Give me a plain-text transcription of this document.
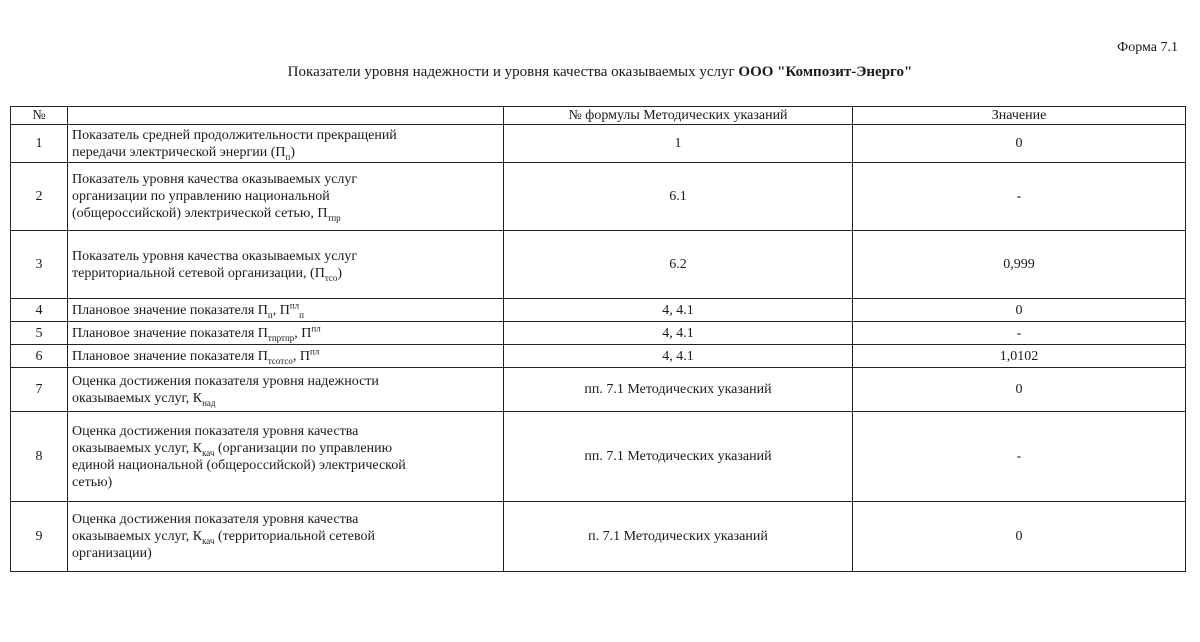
Форма 7.1
Показатели уровня надежности и уровня качества оказываемых услуг ООО "Композит-Энерго"
№		№ формулы Методических указаний	Значение
1	Показатель средней продолжительности прекращений
передачи электрической энергии $(П_п)$	1	0
2	Показатель уровня качества оказываемых услуг
организации по управлению национальной
(общероссийской) электрической сетью, $П_{тпр}$	6.1	-
3	Показатель уровня качества оказываемых услуг
территориальной сетевой организации, $(П_{тсо})$	6.2	0,999
4	Плановое значение показателя $П_п$, $П^{пл}_п$	4, 4.1	0
5	Плановое значение показателя $П_{тпртпр}$, $П^{пл}$	4, 4.1	-
6	Плановое значение показателя $П_{тсотсо}$, $П^{пл}$	4, 4.1	1,0102
7	Оценка достижения показателя уровня надежности
оказываемых услуг, $К_{над}$	пп. 7.1 Методических указаний	0
8	Оценка достижения показателя уровня качества
оказываемых услуг, $К_{кач}$ (организации по управлению
единой национальной (общероссийской) электрической
сетью)	пп. 7.1 Методических указаний	-
9	Оценка достижения показателя уровня качества
оказываемых услуг, $К_{кач}$ (территориальной сетевой
организации)	п. 7.1 Методических указаний	0
